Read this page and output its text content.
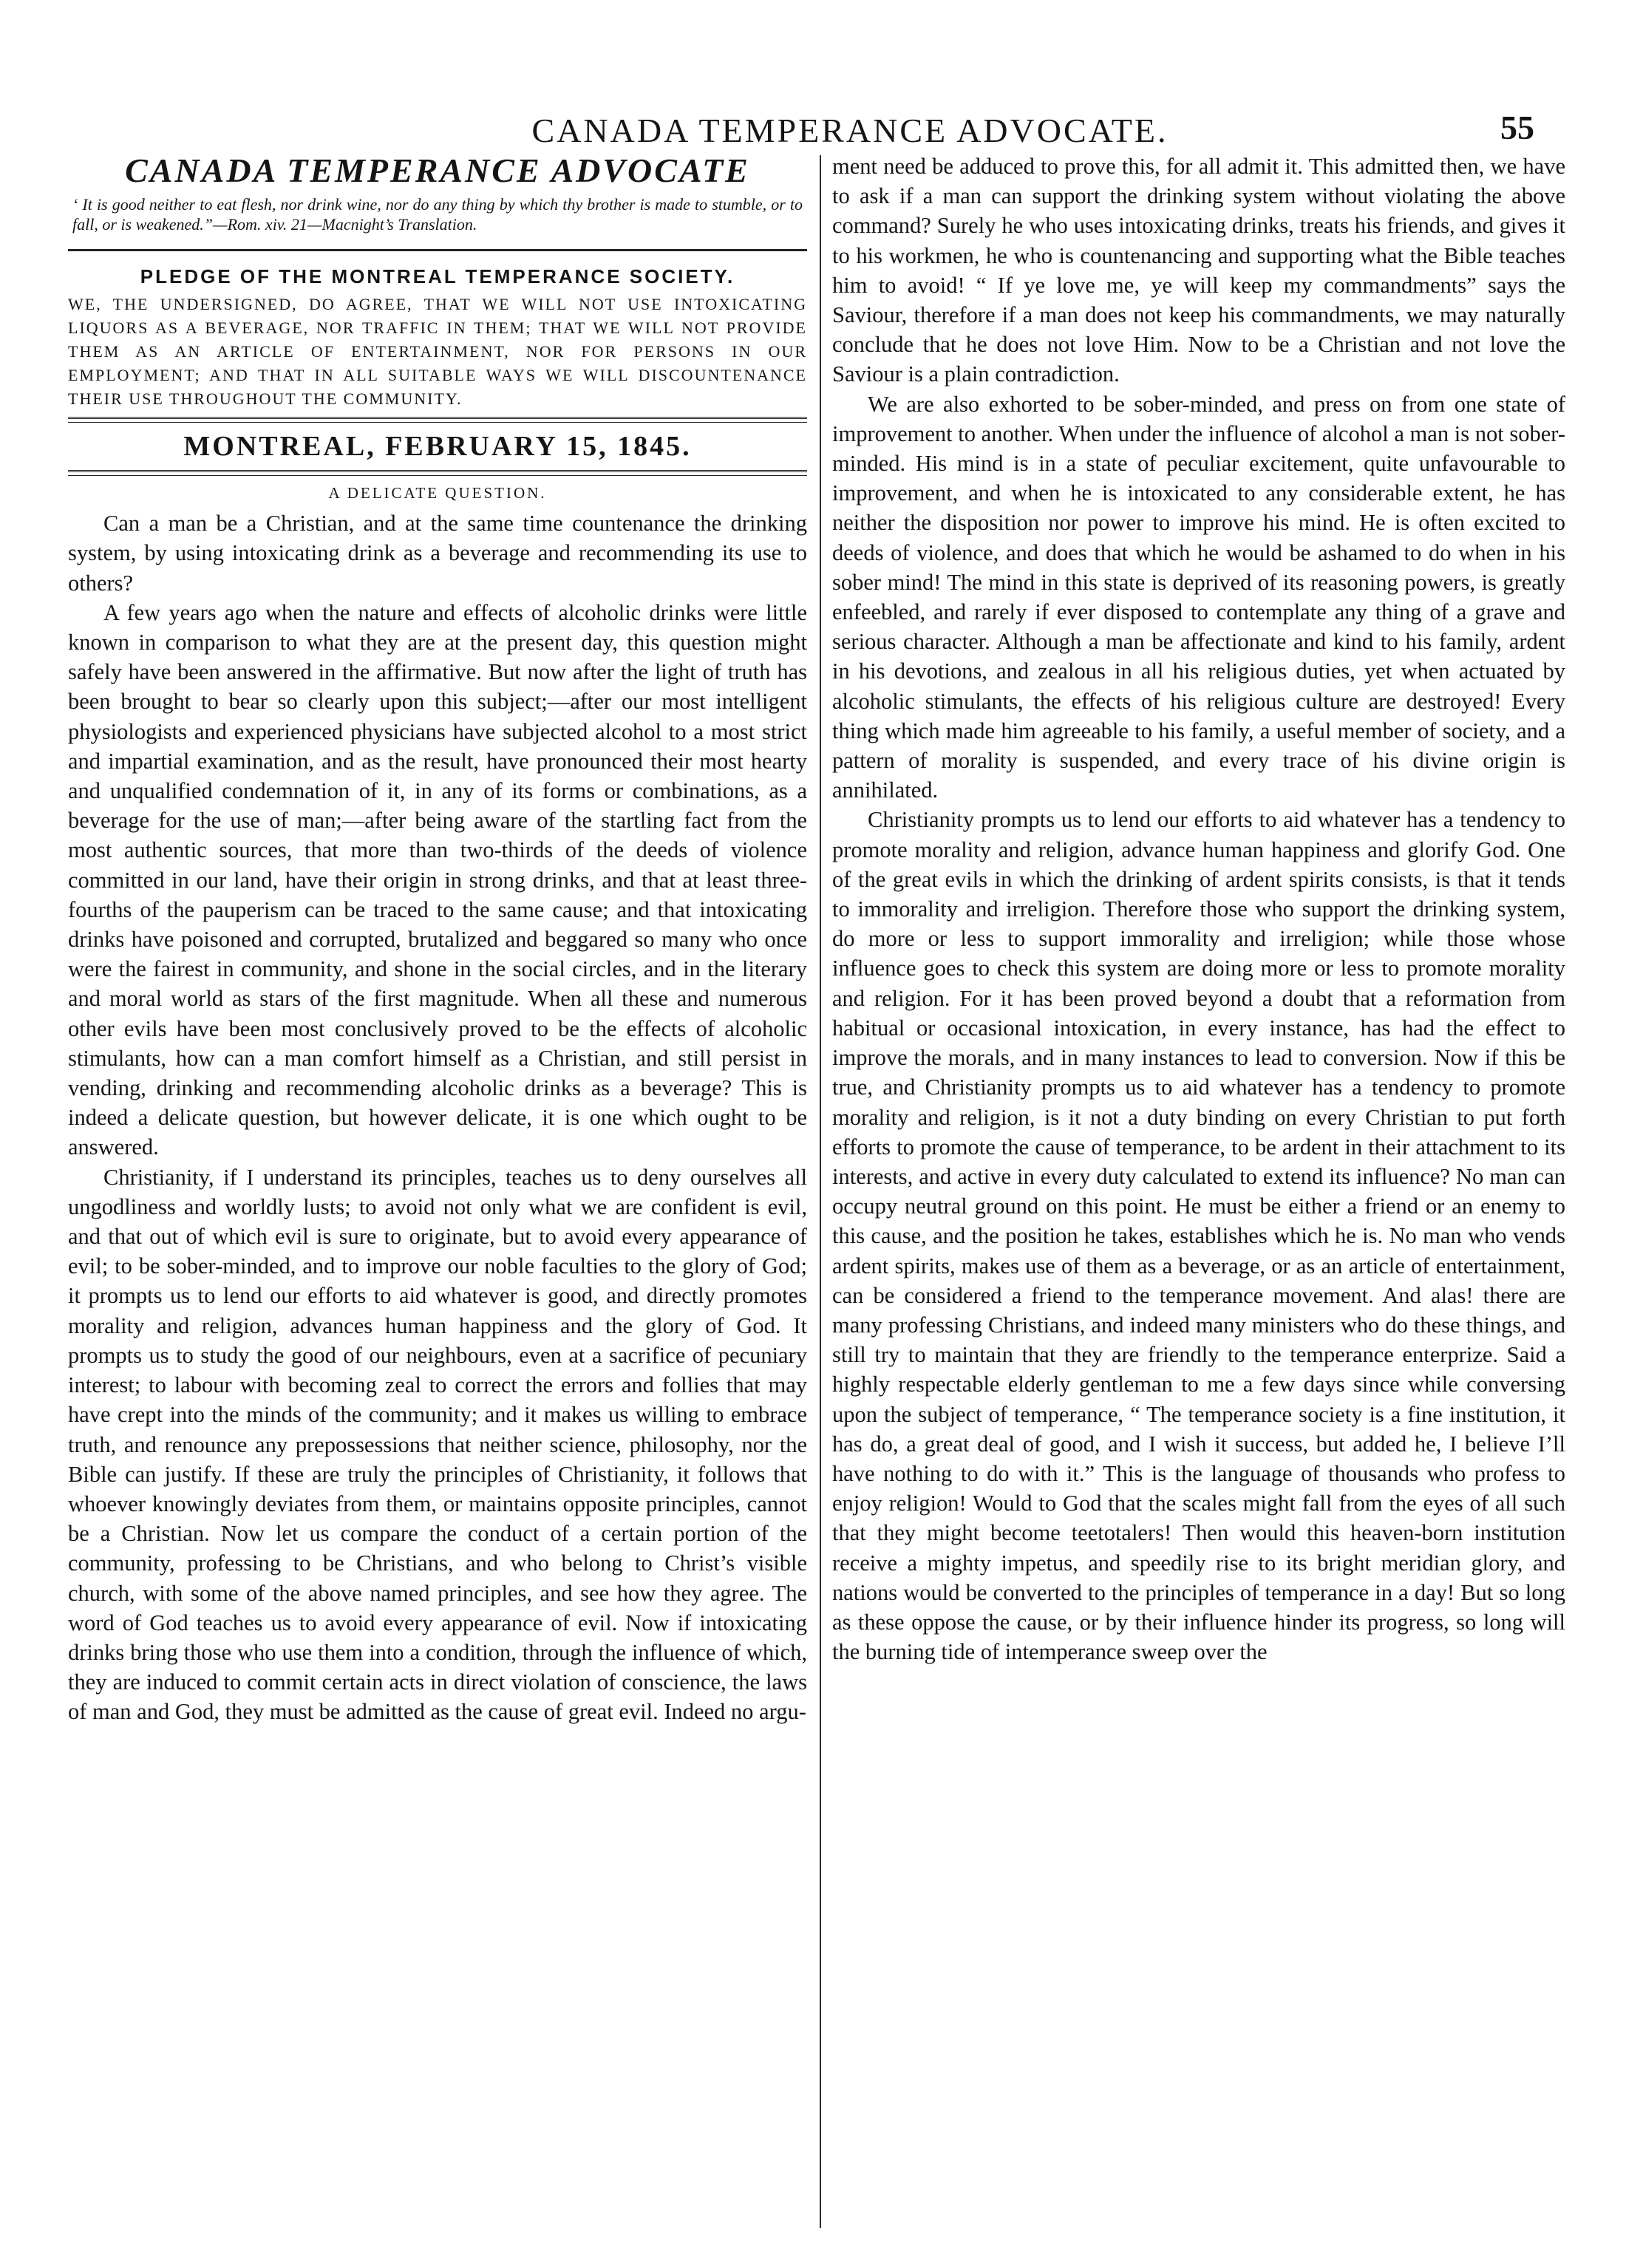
CANADA TEMPERANCE ADVOCATE.	55
CANADA TEMPERANCE ADVOCATE
‘ It is good neither to eat flesh, nor drink wine, nor do any thing by which thy brother is made to stumble, or to fall, or is weakened.”—Rom. xiv. 21—Macnight’s Translation.
PLEDGE OF THE MONTREAL TEMPERANCE SOCIETY.
WE, THE UNDERSIGNED, DO AGREE, THAT WE WILL NOT USE INTOXICATING LIQUORS AS A BEVERAGE, NOR TRAFFIC IN THEM; THAT WE WILL NOT PROVIDE THEM AS AN ARTICLE OF ENTERTAINMENT, NOR FOR PERSONS IN OUR EMPLOYMENT; AND THAT IN ALL SUITABLE WAYS WE WILL DISCOUNTENANCE THEIR USE THROUGHOUT THE COMMUNITY.
MONTREAL, FEBRUARY 15, 1845.
A DELICATE QUESTION.

Can a man be a Christian, and at the same time countenance the drinking system, by using intoxicating drink as a beverage and recommending its use to others?

A few years ago when the nature and effects of alcoholic drinks were little known in comparison to what they are at the present day, this question might safely have been answered in the affirmative. But now after the light of truth has been brought to bear so clearly upon this subject;—after our most intelligent physiologists and experienced physicians have subjected alcohol to a most strict and impartial examination, and as the result, have pronounced their most hearty and unqualified condemnation of it, in any of its forms or combinations, as a beverage for the use of man;—after being aware of the startling fact from the most authentic sources, that more than two-thirds of the deeds of violence committed in our land, have their origin in strong drinks, and that at least three-fourths of the pauperism can be traced to the same cause; and that intoxicating drinks have poisoned and corrupted, brutalized and beggared so many who once were the fairest in community, and shone in the social circles, and in the literary and moral world as stars of the first magnitude. When all these and numerous other evils have been most conclusively proved to be the effects of alcoholic stimulants, how can a man comfort himself as a Christian, and still persist in vending, drinking and recommending alcoholic drinks as a beverage? This is indeed a delicate question, but however delicate, it is one which ought to be answered.

Christianity, if I understand its principles, teaches us to deny ourselves all ungodliness and worldly lusts; to avoid not only what we are confident is evil, and that out of which evil is sure to originate, but to avoid every appearance of evil; to be sober-minded, and to improve our noble faculties to the glory of God; it prompts us to lend our efforts to aid whatever is good, and directly promotes morality and religion, advances human happiness and the glory of God. It prompts us to study the good of our neighbours, even at a sacrifice of pecuniary interest; to labour with becoming zeal to correct the errors and follies that may have crept into the minds of the community; and it makes us willing to embrace truth, and renounce any prepossessions that neither science, philosophy, nor the Bible can justify. If these are truly the principles of Christianity, it follows that whoever knowingly deviates from them, or maintains opposite principles, cannot be a Christian. Now let us compare the conduct of a certain portion of the community, professing to be Christians, and who belong to Christ’s visible church, with some of the above named principles, and see how they agree. The word of God teaches us to avoid every appearance of evil. Now if intoxicating drinks bring those who use them into a condition, through the influence of which, they are induced to commit certain acts in direct violation of conscience, the laws of man and God, they must be admitted as the cause of great evil. Indeed no argu-

ment need be adduced to prove this, for all admit it. This admitted then, we have to ask if a man can support the drinking system without violating the above command? Surely he who uses intoxicating drinks, treats his friends, and gives it to his workmen, he who is countenancing and supporting what the Bible teaches him to avoid! “ If ye love me, ye will keep my commandments” says the Saviour, therefore if a man does not keep his commandments, we may naturally conclude that he does not love Him. Now to be a Christian and not love the Saviour is a plain contradiction.

We are also exhorted to be sober-minded, and press on from one state of improvement to another. When under the influence of alcohol a man is not sober-minded. His mind is in a state of peculiar excitement, quite unfavourable to improvement, and when he is intoxicated to any considerable extent, he has neither the disposition nor power to improve his mind. He is often excited to deeds of violence, and does that which he would be ashamed to do when in his sober mind! The mind in this state is deprived of its reasoning powers, is greatly enfeebled, and rarely if ever disposed to contemplate any thing of a grave and serious character. Although a man be affectionate and kind to his family, ardent in his devotions, and zealous in all his religious duties, yet when actuated by alcoholic stimulants, the effects of his religious culture are destroyed! Every thing which made him agreeable to his family, a useful member of society, and a pattern of morality is suspended, and every trace of his divine origin is annihilated.

Christianity prompts us to lend our efforts to aid whatever has a tendency to promote morality and religion, advance human happiness and glorify God. One of the great evils in which the drinking of ardent spirits consists, is that it tends to immorality and irreligion. Therefore those who support the drinking system, do more or less to support immorality and irreligion; while those whose influence goes to check this system are doing more or less to promote morality and religion. For it has been proved beyond a doubt that a reformation from habitual or occasional intoxication, in every instance, has had the effect to improve the morals, and in many instances to lead to conversion. Now if this be true, and Christianity prompts us to aid whatever has a tendency to promote morality and religion, is it not a duty binding on every Christian to put forth efforts to promote the cause of temperance, to be ardent in their attachment to its interests, and active in every duty calculated to extend its influence? No man can occupy neutral ground on this point. He must be either a friend or an enemy to this cause, and the position he takes, establishes which he is. No man who vends ardent spirits, makes use of them as a beverage, or as an article of entertainment, can be considered a friend to the temperance movement. And alas! there are many professing Christians, and indeed many ministers who do these things, and still try to maintain that they are friendly to the temperance enterprize. Said a highly respectable elderly gentleman to me a few days since while conversing upon the subject of temperance, “ The temperance society is a fine institution, it has do, a great deal of good, and I wish it success, but added he, I believe I’ll have nothing to do with it.” This is the language of thousands who profess to enjoy religion! Would to God that the scales might fall from the eyes of all such that they might become teetotalers! Then would this heaven-born institution receive a mighty impetus, and speedily rise to its bright meridian glory, and nations would be converted to the principles of temperance in a day! But so long as these oppose the cause, or by their influence hinder its progress, so long will the burning tide of intemperance sweep over the
